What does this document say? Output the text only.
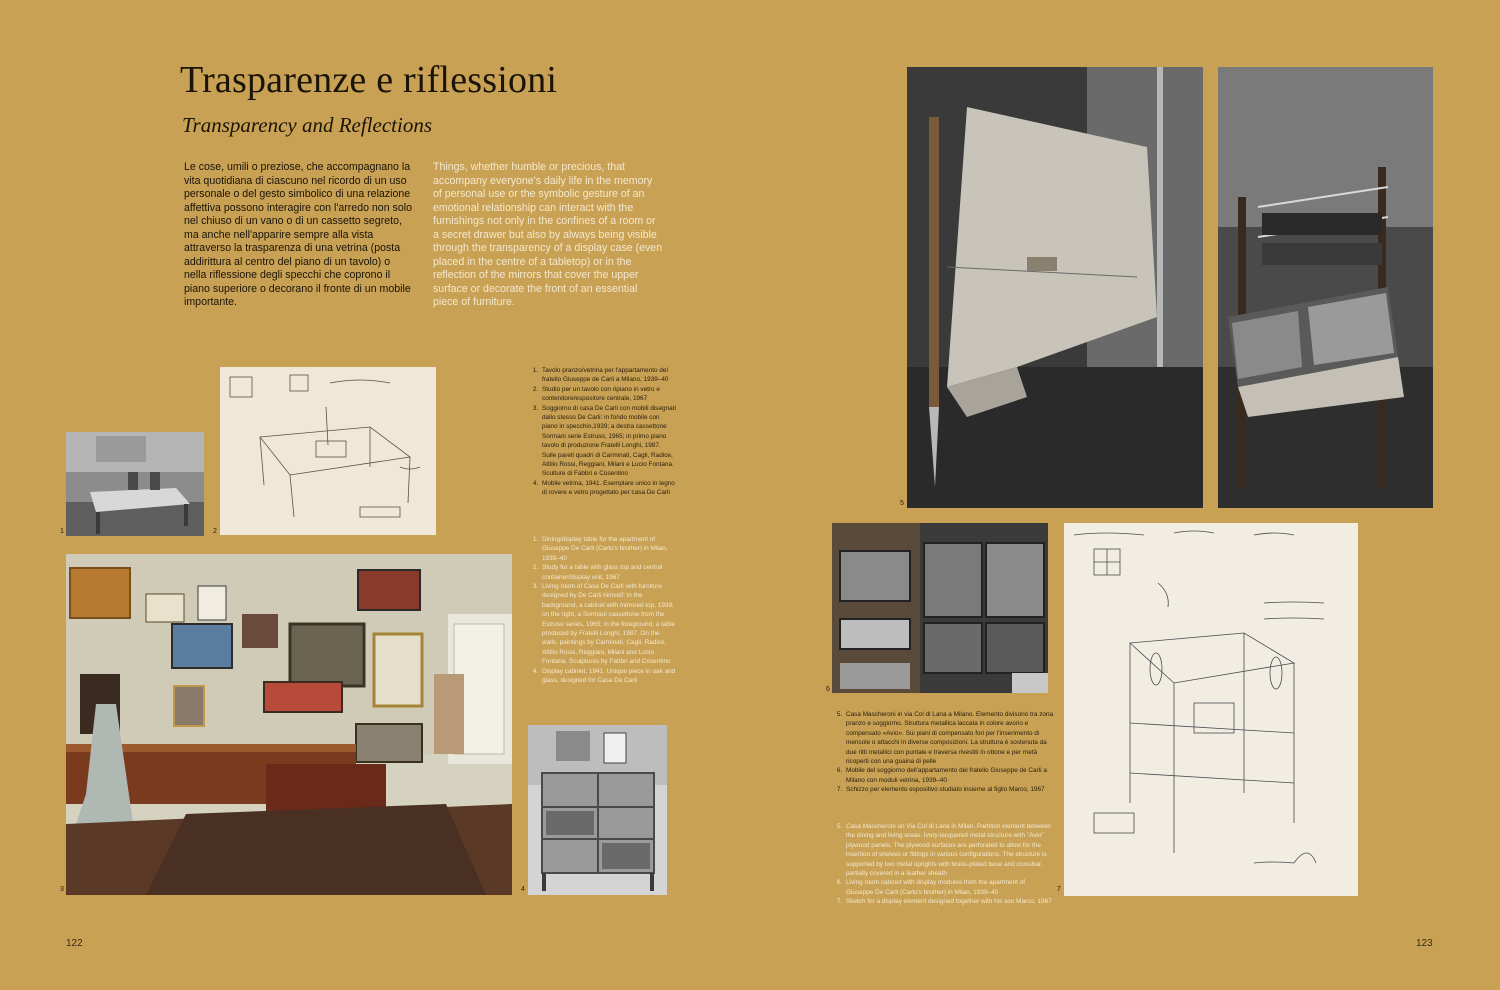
Trasparenze e riflessioni
Transparency and Reflections
Le cose, umili o preziose, che accompagnano la vita quotidiana di ciascuno nel ricordo di un uso personale o del gesto simbolico di una relazione affettiva possono interagire con l'arredo non solo nel chiuso di un vano o di un cassetto segreto, ma anche nell'apparire sempre alla vista attraverso la trasparenza di una vetrina (posta addirittura al centro del piano di un tavolo) o nella riflessione degli specchi che coprono il piano superiore o decorano il fronte di un mobile importante.
Things, whether humble or precious, that accompany everyone's daily life in the memory of personal use or the symbolic gesture of an emotional relationship can interact with the furnishings not only in the confines of a room or a secret drawer but also by always being visible through the transparency of a display case (even placed in the centre of a tabletop) or in the reflection of the mirrors that cover the upper surface or decorate the front of an essential piece of furniture.
1. Tavolo pranzo/vetrina per l'appartamento del fratello Giuseppe de Carli a Milano, 1939–40
2. Studio per un tavolo con ripiano in vetro e contenitore/espositore centrale, 1967
3. Soggiorno di casa De Carli con mobili disegnati dallo stesso De Carli: in fondo mobile con piano in specchio,1939; a destra cassettone Sormani serie Estruso, 1965; in primo piano tavolo di produzione Fratelli Longhi, 1987. Sulle pareti quadri di Carminati, Cagli, Radice, Attilio Rossi, Reggiani, Milani e Lucio Fontana. Sculture di Fabbri e Cosentino
4. Mobile vetrina, 1941. Esemplare unico in legno di rovere e vetro progettato per casa De Carli
1. Dining/display table for the apartment of Giuseppe De Carli (Carlo's brother) in Milan, 1939–40
2. Study for a table with glass top and central container/display unit, 1967
3. Living room of Casa De Carli with furniture designed by De Carli himself: in the background, a cabinet with mirrored top, 1939; on the right, a Sormani cassettone from the Estruso series, 1965; in the foreground, a table produced by Fratelli Longhi, 1987. On the walls, paintings by Carminati, Cagli, Radice, Attilio Rossi, Reggiani, Milani and Lucio Fontana. Sculptures by Fabbri and Cosentino
4. Display cabinet, 1941. Unique piece in oak and glass, designed for Casa De Carli
5. Casa Mascheroni in via Col di Lana a Milano. Elemento divisorio tra zona pranzo e soggiorno. Struttura metallica laccata in colore avorio e compensato «Avio». Sui piani di compensato fori per l'inserimento di mensole o attacchi in diverse composizioni. La struttura è sostenuta da due ritti metallici con puntale e traversa rivestiti in ottone e per metà ricoperti con una guaina di pelle
6. Mobile del soggiorno dell'appartamento del fratello Giuseppe de Carli a Milano con moduli vetrina, 1939–40
7. Schizzo per elemento espositivo studiato insieme al figlio Marco, 1967
5. Casa Mascheroni on Via Col di Lana in Milan. Partition element between the dining and living areas. Ivory-lacquered metal structure with "Avio" plywood panels. The plywood surfaces are perforated to allow for the insertion of shelves or fittings in various configurations. The structure is supported by two metal uprights with brass-plated base and crossbar, partially covered in a leather sheath
6. Living room cabinet with display modules from the apartment of Giuseppe De Carli (Carlo's brother) in Milan, 1939–40
7. Sketch for a display element designed together with his son Marco, 1967
1	2
3	4
5
6
7
122	123
